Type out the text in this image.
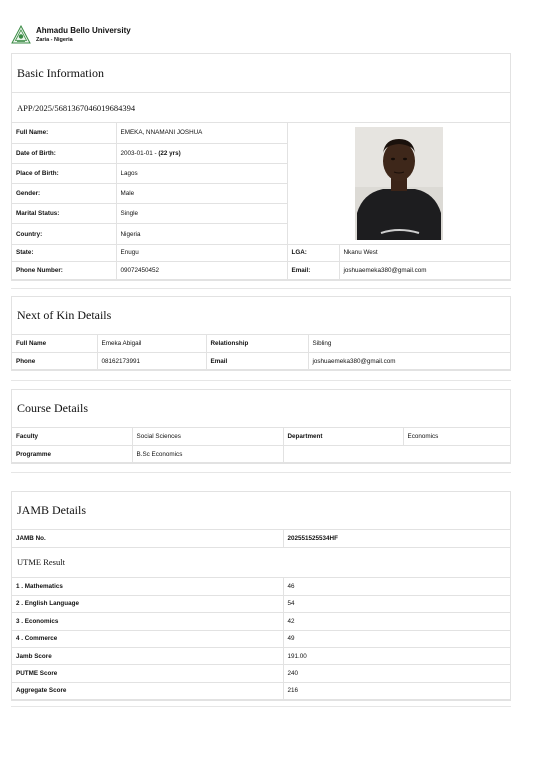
Ahmadu Bello University
Zaria - Nigeria
Basic Information
APP/2025/5681367046019684394
Full Name:	EMEKA, NNAMANI JOSHUA	

Date of Birth:	2003-01-01 - (22 yrs)		
Place of Birth:	Lagos		
Gender:	Male		
Marital Status:	Single		
Country:	Nigeria		
State:	Enugu	LGA:	Nkanu West
Phone Number:	09072450452	Email:	joshuaemeka380@gmail.com
Next of Kin Details
Full Name	Emeka Abigail	Relationship	Sibling
Phone	08162173991	Email	joshuaemeka380@gmail.com
Course Details
Faculty	Social Sciences	Department	Economics
Programme	B.Sc Economics		
JAMB Details
JAMB No.	202551525534HF
UTME Result
1 . Mathematics	46
2 . English Language	54
3 . Economics	42
4 . Commerce	49
Jamb Score	191.00
PUTME Score	240
Aggregate Score	216
